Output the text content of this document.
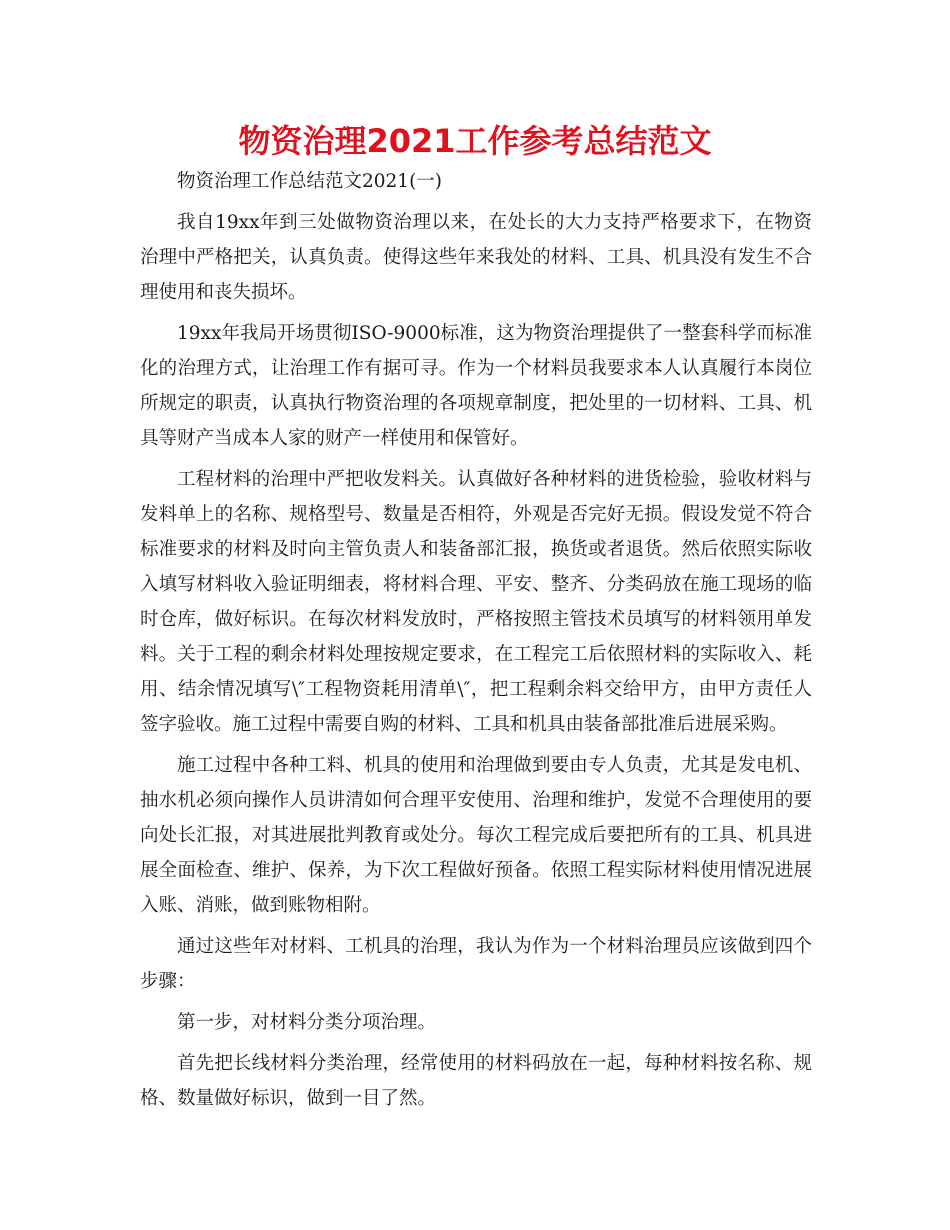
物资治理2021工作参考总结范文

物资治理工作总结范文2021(一)

我自19xx年到三处做物资治理以来，在处长的大力支持严格要求下，在物资治理中严格把关，认真负责。使得这些年来我处的材料、工具、机具没有发生不合理使用和丧失损坏。

19xx年我局开场贯彻ISO-9000标准，这为物资治理提供了一整套科学而标准化的治理方式，让治理工作有据可寻。作为一个材料员我要求本人认真履行本岗位所规定的职责，认真执行物资治理的各项规章制度，把处里的一切材料、工具、机具等财产当成本人家的财产一样使用和保管好。

工程材料的治理中严把收发料关。认真做好各种材料的进货检验，验收材料与发料单上的名称、规格型号、数量是否相符，外观是否完好无损。假设发觉不符合标准要求的材料及时向主管负责人和装备部汇报，换货或者退货。然后依照实际收入填写材料收入验证明细表，将材料合理、平安、整齐、分类码放在施工现场的临时仓库，做好标识。在每次材料发放时，严格按照主管技术员填写的材料领用单发料。关于工程的剩余材料处理按规定要求，在工程完工后依照材料的实际收入、耗用、结余情况填写\″工程物资耗用清单\″，把工程剩余料交给甲方，由甲方责任人签字验收。施工过程中需要自购的材料、工具和机具由装备部批准后进展采购。

施工过程中各种工料、机具的使用和治理做到要由专人负责，尤其是发电机、抽水机必须向操作人员讲清如何合理平安使用、治理和维护，发觉不合理使用的要向处长汇报，对其进展批判教育或处分。每次工程完成后要把所有的工具、机具进展全面检查、维护、保养，为下次工程做好预备。依照工程实际材料使用情况进展入账、消账，做到账物相附。

通过这些年对材料、工机具的治理，我认为作为一个材料治理员应该做到四个步骤：

第一步，对材料分类分项治理。

首先把长线材料分类治理，经常使用的材料码放在一起，每种材料按名称、规格、数量做好标识，做到一目了然。
